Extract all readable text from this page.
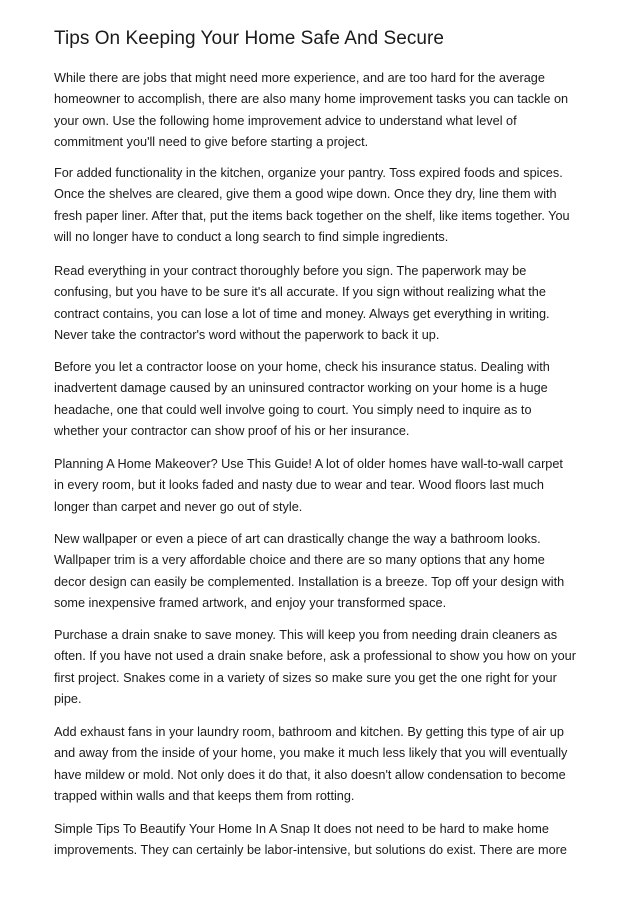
Tips On Keeping Your Home Safe And Secure
While there are jobs that might need more experience, and are too hard for the average
homeowner to accomplish, there are also many home improvement tasks you can tackle on
your own. Use the following home improvement advice to understand what level of
commitment you'll need to give before starting a project.
For added functionality in the kitchen, organize your pantry. Toss expired foods and spices.
Once the shelves are cleared, give them a good wipe down. Once they dry, line them with
fresh paper liner. After that, put the items back together on the shelf, like items together. You
will no longer have to conduct a long search to find simple ingredients.
Read everything in your contract thoroughly before you sign. The paperwork may be
confusing, but you have to be sure it's all accurate. If you sign without realizing what the
contract contains, you can lose a lot of time and money. Always get everything in writing.
Never take the contractor's word without the paperwork to back it up.
Before you let a contractor loose on your home, check his insurance status. Dealing with
inadvertent damage caused by an uninsured contractor working on your home is a huge
headache, one that could well involve going to court. You simply need to inquire as to
whether your contractor can show proof of his or her insurance.
Planning A Home Makeover? Use This Guide! A lot of older homes have wall-to-wall carpet
in every room, but it looks faded and nasty due to wear and tear. Wood floors last much
longer than carpet and never go out of style.
New wallpaper or even a piece of art can drastically change the way a bathroom looks.
Wallpaper trim is a very affordable choice and there are so many options that any home
decor design can easily be complemented. Installation is a breeze. Top off your design with
some inexpensive framed artwork, and enjoy your transformed space.
Purchase a drain snake to save money. This will keep you from needing drain cleaners as
often. If you have not used a drain snake before, ask a professional to show you how on your
first project. Snakes come in a variety of sizes so make sure you get the one right for your
pipe.
Add exhaust fans in your laundry room, bathroom and kitchen. By getting this type of air up
and away from the inside of your home, you make it much less likely that you will eventually
have mildew or mold. Not only does it do that, it also doesn't allow condensation to become
trapped within walls and that keeps them from rotting.
Simple Tips To Beautify Your Home In A Snap It does not need to be hard to make home
improvements. They can certainly be labor-intensive, but solutions do exist. There are more
